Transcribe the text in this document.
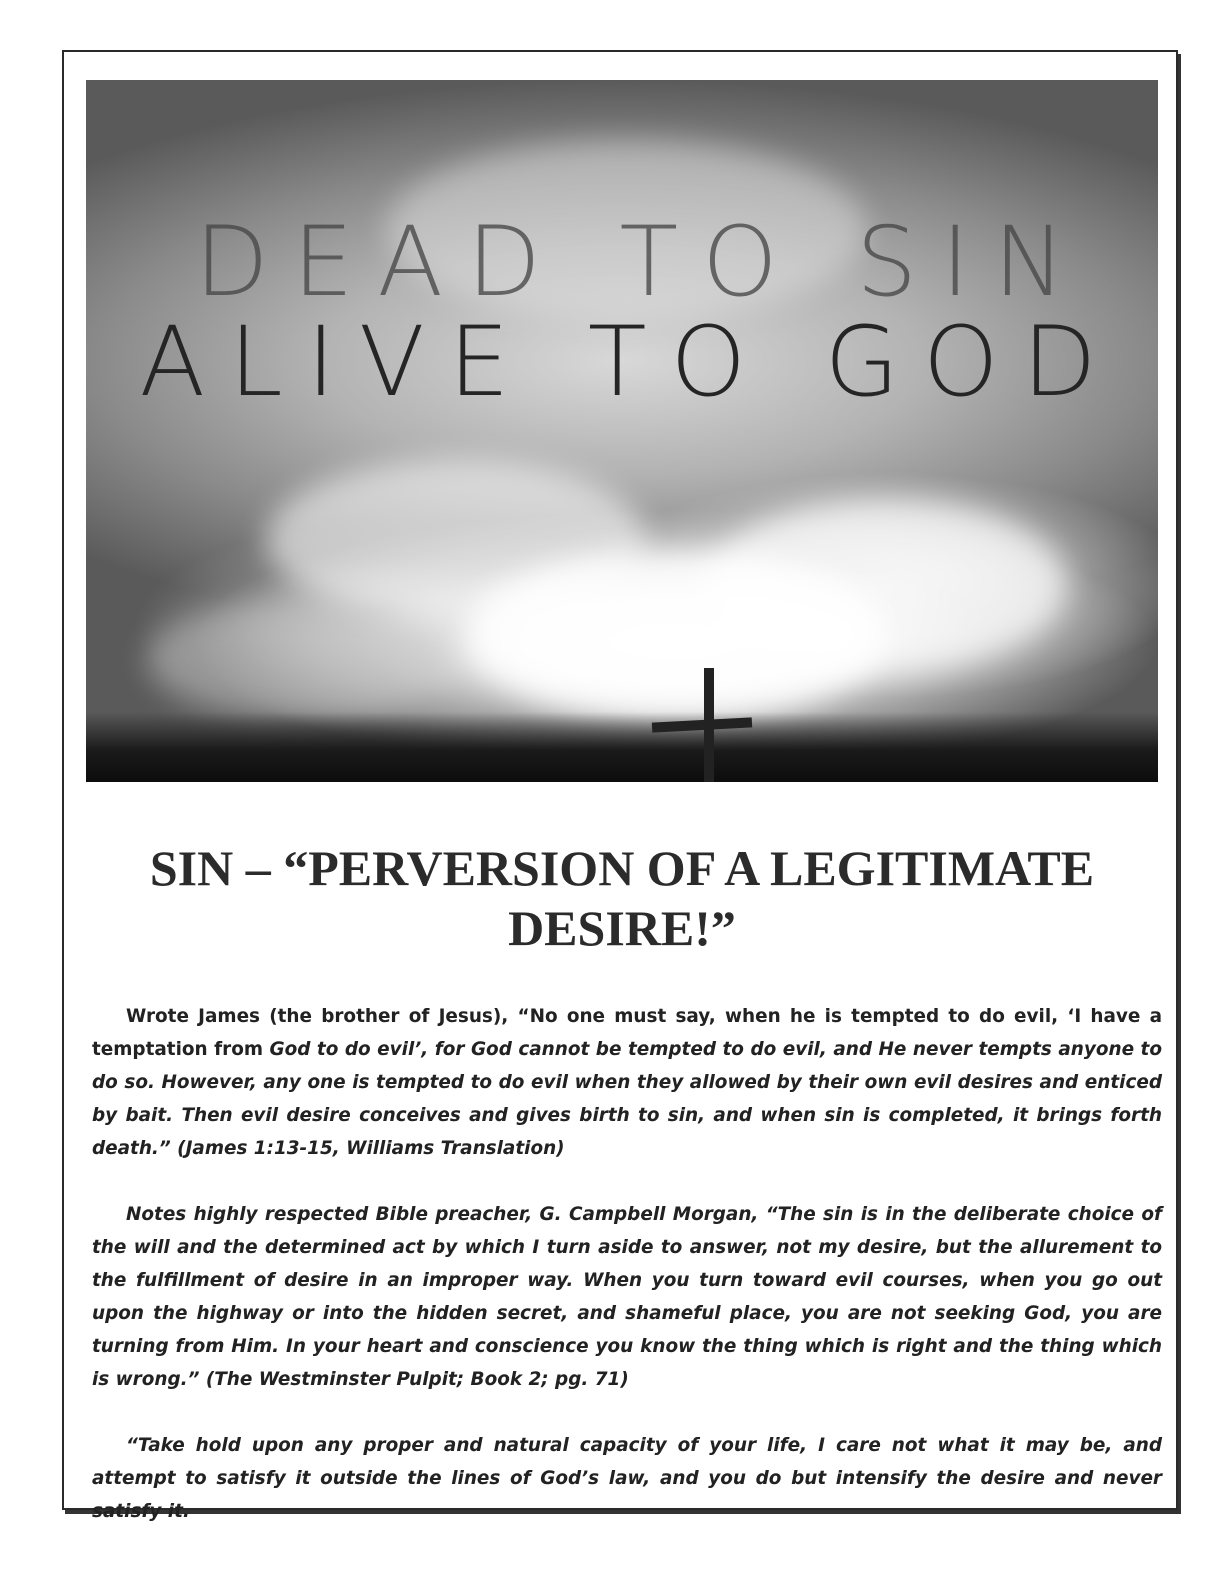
DEAD TO SIN
ALIVE TO GOD
SIN – “PERVERSION OF A LEGITIMATE DESIRE!”

Wrote James (the brother of Jesus), “No one must say, when he is tempted to do evil, ‘I have a temptation from God to do evil’, for God cannot be tempted to do evil, and He never tempts anyone to do so. However, any one is tempted to do evil when they allowed by their own evil desires and enticed by bait. Then evil desire conceives and gives birth to sin, and when sin is completed, it brings forth death.” (James 1:13-15, Williams Translation)

Notes highly respected Bible preacher, G. Campbell Morgan, “The sin is in the deliberate choice of the will and the determined act by which I turn aside to answer, not my desire, but the allurement to the fulfillment of desire in an improper way. When you turn toward evil courses, when you go out upon the highway or into the hidden secret, and shameful place, you are not seeking God, you are turning from Him. In your heart and conscience you know the thing which is right and the thing which is wrong.” (The Westminster Pulpit; Book 2; pg. 71)

“Take hold upon any proper and natural capacity of your life, I care not what it may be, and attempt to satisfy it outside the lines of God’s law, and you do but intensify the desire and never satisfy it.
